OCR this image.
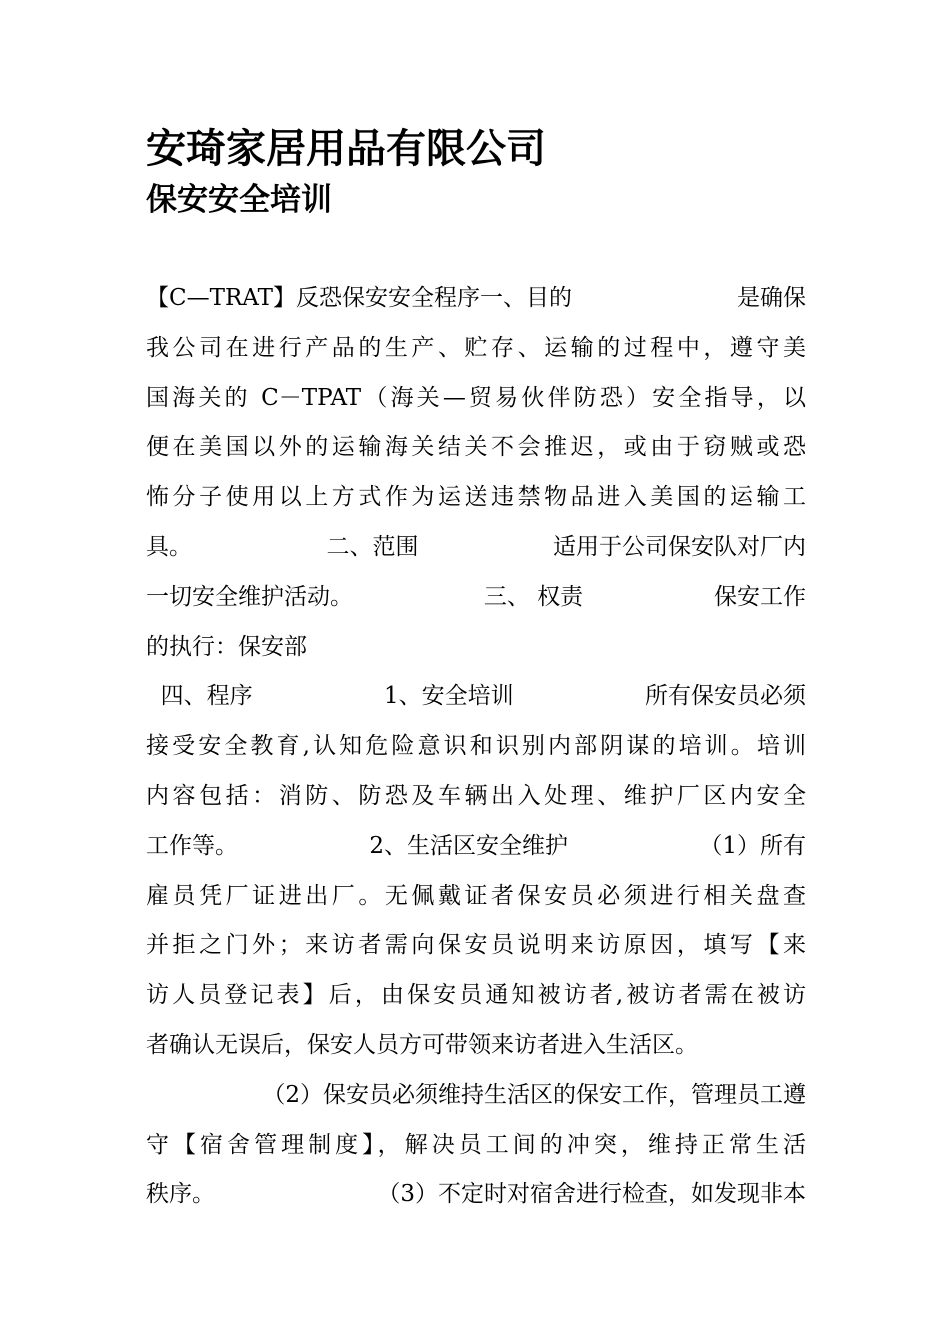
安琦家居用品有限公司
保安安全培训
【C—TRAT】反恐保安安全程序一、目的	是确保
我公司在进行产品的生产、贮存、运输的过程中，遵守美
国海关的 C－TPAT（海关—贸易伙伴防恐）安全指导，以
便在美国以外的运输海关结关不会推迟，或由于窃贼或恐
怖分子使用以上方式作为运送违禁物品进入美国的运输工
具。	二、范围	适用于公司保安队对厂内
一切安全维护活动。	三、 权责	保安工作
的执行：保安部
四、程序	1、安全培训	所有保安员必须
接受安全教育,认知危险意识和识别内部阴谋的培训。培训
内容包括：消防、防恐及车辆出入处理、维护厂区内安全
工作等。	2、生活区安全维护	（1）所有
雇员凭厂证进出厂。无佩戴证者保安员必须进行相关盘查
并拒之门外；来访者需向保安员说明来访原因，填写【来
访人员登记表】后，由保安员通知被访者,被访者需在被访
者确认无误后，保安人员方可带领来访者进入生活区。

（2）保安员必须维持生活区的保安工作，管理员工遵
守【宿舍管理制度】，解决员工间的冲突，维持正常生活
秩序。	（3）不定时对宿舍进行检查，如发现非本
